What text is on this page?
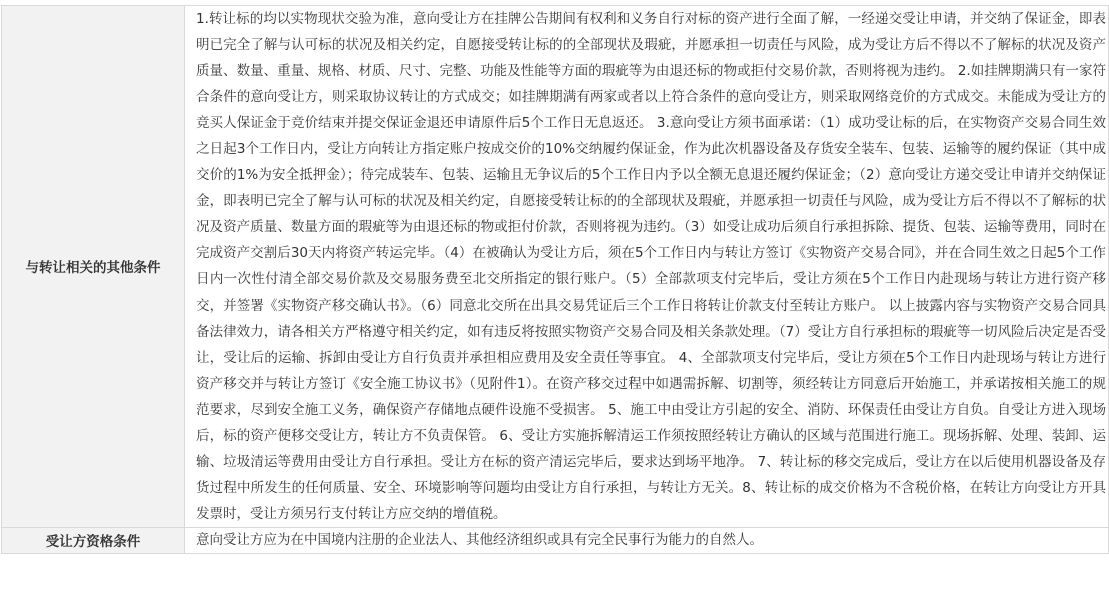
与转让相关的其他条件	1.转让标的均以实物现状交验为准，意向受让方在挂牌公告期间有权利和义务自行对标的资产进行全面了解，一经递交受让申请，并交纳了保证金，即表明已完全了解与认可标的状况及相关约定，自愿接受转让标的的全部现状及瑕疵，并愿承担一切责任与风险，成为受让方后不得以不了解标的状况及资产质量、数量、重量、规格、材质、尺寸、完整、功能及性能等方面的瑕疵等为由退还标的物或拒付交易价款，否则将视为违约。 2.如挂牌期满只有一家符合条件的意向受让方，则采取协议转让的方式成交；如挂牌期满有两家或者以上符合条件的意向受让方，则采取网络竞价的方式成交。未能成为受让方的竞买人保证金于竞价结束并提交保证金退还申请原件后5个工作日无息返还。 3.意向受让方须书面承诺：（1）成功受让标的后，在实物资产交易合同生效之日起3个工作日内，受让方向转让方指定账户按成交价的10%交纳履约保证金，作为此次机器设备及存货安全装车、包装、运输等的履约保证（其中成交价的1%为安全抵押金）；待完成装车、包装、运输且无争议后的5个工作日内予以全额无息退还履约保证金；（2）意向受让方递交受让申请并交纳保证金，即表明已完全了解与认可标的状况及相关约定，自愿接受转让标的的全部现状及瑕疵，并愿承担一切责任与风险，成为受让方后不得以不了解标的状况及资产质量、数量方面的瑕疵等为由退还标的物或拒付价款，否则将视为违约。（3）如受让成功后须自行承担拆除、提货、包装、运输等费用，同时在完成资产交割后30天内将资产转运完毕。（4）在被确认为受让方后，须在5个工作日内与转让方签订《实物资产交易合同》，并在合同生效之日起5个工作日内一次性付清全部交易价款及交易服务费至北交所指定的银行账户。（5）全部款项支付完毕后，受让方须在5个工作日内赴现场与转让方进行资产移交，并签署《实物资产移交确认书》。（6）同意北交所在出具交易凭证后三个工作日将转让价款支付至转让方账户。 以上披露内容与实物资产交易合同具备法律效力，请各相关方严格遵守相关约定，如有违反将按照实物资产交易合同及相关条款处理。（7）受让方自行承担标的瑕疵等一切风险后决定是否受让，受让后的运输、拆卸由受让方自行负责并承担相应费用及安全责任等事宜。 4、全部款项支付完毕后，受让方须在5个工作日内赴现场与转让方进行资产移交并与转让方签订《安全施工协议书》（见附件1）。在资产移交过程中如遇需拆解、切割等，须经转让方同意后开始施工，并承诺按相关施工的规范要求，尽到安全施工义务，确保资产存储地点硬件设施不受损害。 5、施工中由受让方引起的安全、消防、环保责任由受让方自负。自受让方进入现场后，标的资产便移交受让方，转让方不负责保管。 6、受让方实施拆解清运工作须按照经转让方确认的区域与范围进行施工。现场拆解、处理、装卸、运输、垃圾清运等费用由受让方自行承担。受让方在标的资产清运完毕后，要求达到场平地净。 7、转让标的移交完成后，受让方在以后使用机器设备及存货过程中所发生的任何质量、安全、环境影响等问题均由受让方自行承担，与转让方无关。8、转让标的成交价格为不含税价格，在转让方向受让方开具发票时，受让方须另行支付转让方应交纳的增值税。
受让方资格条件	意向受让方应为在中国境内注册的企业法人、其他经济组织或具有完全民事行为能力的自然人。
